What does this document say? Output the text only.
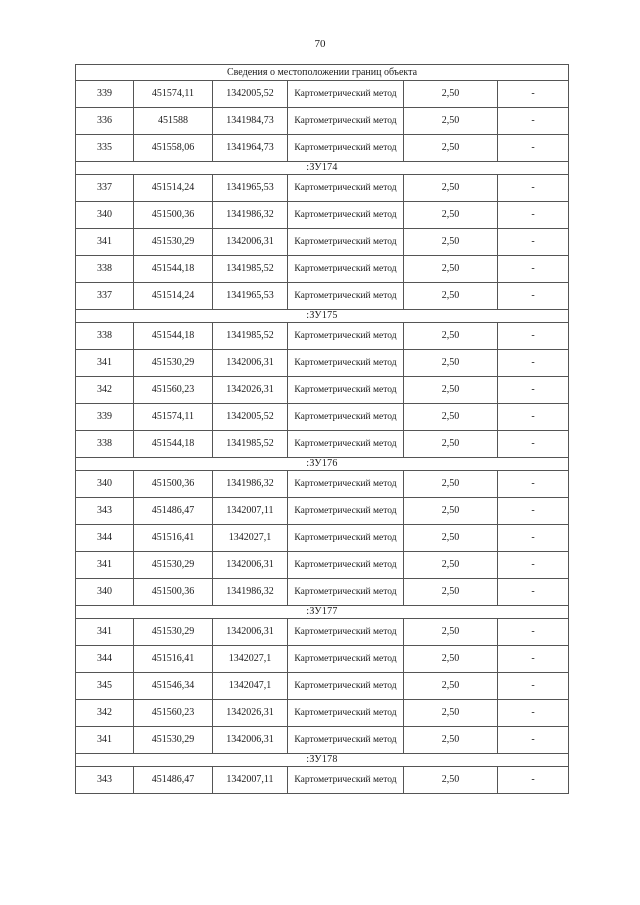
70
Сведения о местоположении границ объекта					
339	451574,11	1342005,52	Картометрический метод	2,50	-
336	451588	1341984,73	Картометрический метод	2,50	-
335	451558,06	1341964,73	Картометрический метод	2,50	-
:ЗУ174					
337	451514,24	1341965,53	Картометрический метод	2,50	-
340	451500,36	1341986,32	Картометрический метод	2,50	-
341	451530,29	1342006,31	Картометрический метод	2,50	-
338	451544,18	1341985,52	Картометрический метод	2,50	-
337	451514,24	1341965,53	Картометрический метод	2,50	-
:ЗУ175					
338	451544,18	1341985,52	Картометрический метод	2,50	-
341	451530,29	1342006,31	Картометрический метод	2,50	-
342	451560,23	1342026,31	Картометрический метод	2,50	-
339	451574,11	1342005,52	Картометрический метод	2,50	-
338	451544,18	1341985,52	Картометрический метод	2,50	-
:ЗУ176					
340	451500,36	1341986,32	Картометрический метод	2,50	-
343	451486,47	1342007,11	Картометрический метод	2,50	-
344	451516,41	1342027,1	Картометрический метод	2,50	-
341	451530,29	1342006,31	Картометрический метод	2,50	-
340	451500,36	1341986,32	Картометрический метод	2,50	-
:ЗУ177					
341	451530,29	1342006,31	Картометрический метод	2,50	-
344	451516,41	1342027,1	Картометрический метод	2,50	-
345	451546,34	1342047,1	Картометрический метод	2,50	-
342	451560,23	1342026,31	Картометрический метод	2,50	-
341	451530,29	1342006,31	Картометрический метод	2,50	-
:ЗУ178					
343	451486,47	1342007,11	Картометрический метод	2,50	-
